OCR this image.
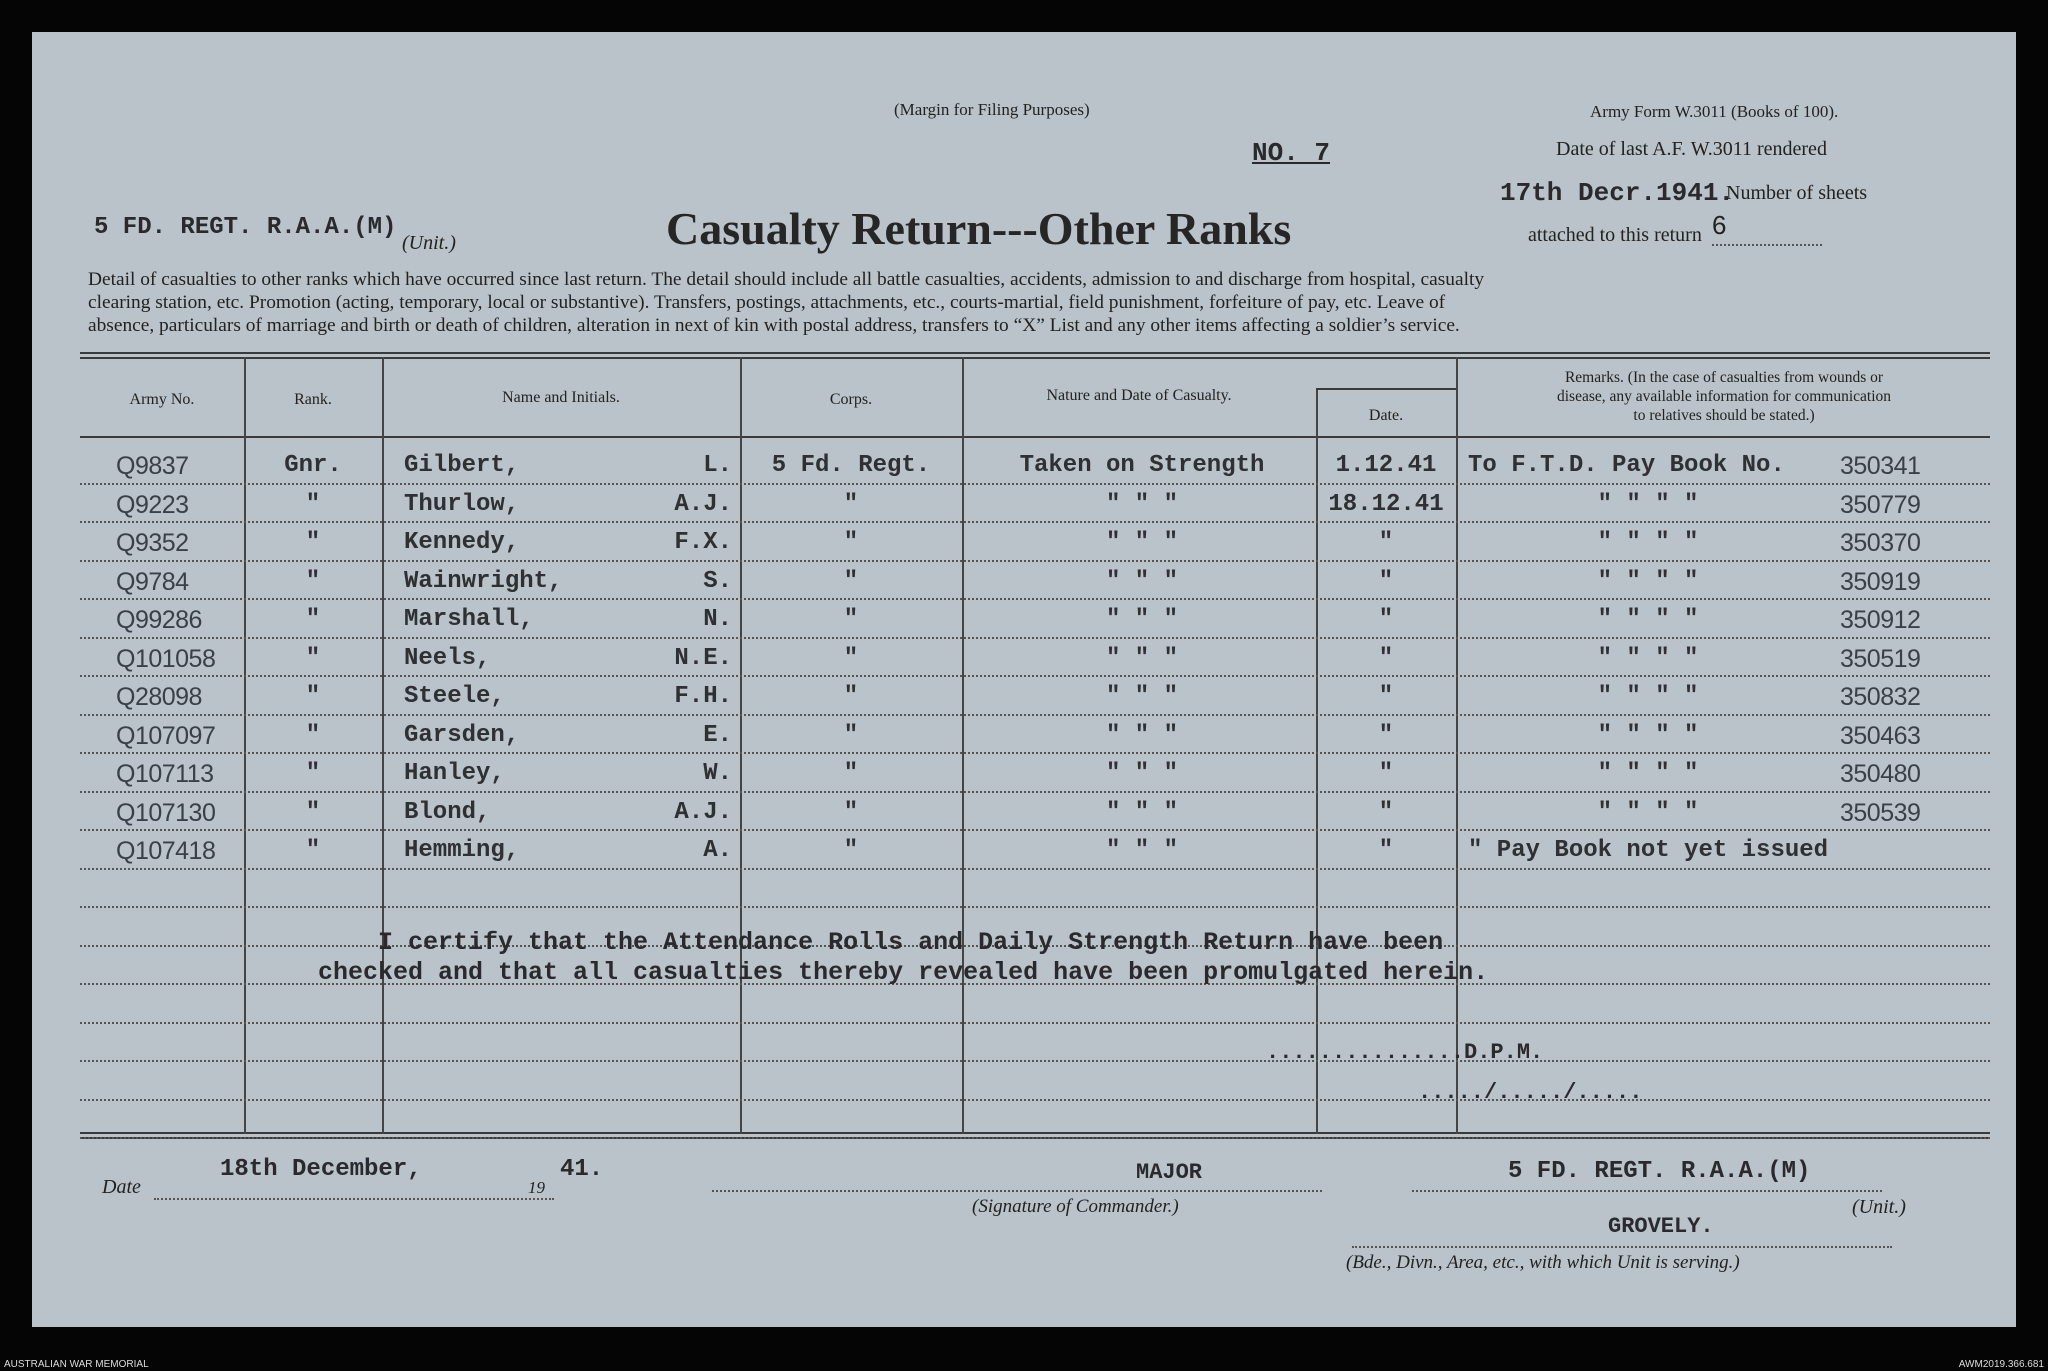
(Margin for Filing Purposes)	Army Form W.3011 (Books of 100).
NO. 7	Date of last A.F. W.3011 rendered
17th Decr.1941.
Number of sheets
attached to this return 6
5 FD. REGT. R.A.A.(M)
(Unit.)	Casualty Return---Other Ranks
Detail of casualties to other ranks which have occurred since last return. The detail should include all battle casualties, accidents, admission to and discharge from hospital, casualty
clearing station, etc. Promotion (acting, temporary, local or substantive). Transfers, postings, attachments, etc., courts-martial, field punishment, forfeiture of pay, etc. Leave of
absence, particulars of marriage and birth or death of children, alteration in next of kin with postal address, transfers to “X” List and any other items affecting a soldier’s service.
Army No.	Rank.	Name and Initials.	Corps.	Nature and Date of Casualty.
Date.
Remarks. (In the case of casualties from wounds or
disease, any available information for communication
to relatives should be stated.)
Q9837	Gnr.	Gilbert,	L.	5 Fd. Regt.	Taken on Strength	1.12.41	To F.T.D. Pay Book No.	350341
Q9223	"	Thurlow,	A.J.	"	" " "	18.12.41	" " " "	350779
Q9352	"	Kennedy,	F.X.	"	" " "	"	" " " "	350370
Q9784	"	Wainwright,	S.	"	" " "	"	" " " "	350919
Q99286	"	Marshall,	N.	"	" " "	"	" " " "	350912
Q101058	"	Neels,	N.E.	"	" " "	"	" " " "	350519
Q28098	"	Steele,	F.H.	"	" " "	"	" " " "	350832
Q107097	"	Garsden,	E.	"	" " "	"	" " " "	350463
Q107113	"	Hanley,	W.	"	" " "	"	" " " "	350480
Q107130	"	Blond,	A.J.	"	" " "	"	" " " "	350539
Q107418	"	Hemming,	A.	"	" " "	"	" Pay Book not yet issued
I certify that the Attendance Rolls and Daily Strength Return have been
checked and that all casualties thereby revealed have been promulgated herein.
...............D.P.M.
...../...../.....
Date
18th December,
19
41.	MAJOR
(Signature of Commander.)
5 FD. REGT. R.A.A.(M)
(Unit.)
GROVELY.
(Bde., Divn., Area, etc., with which Unit is serving.)
AUSTRALIAN WAR MEMORIAL	AWM2019.366.681
